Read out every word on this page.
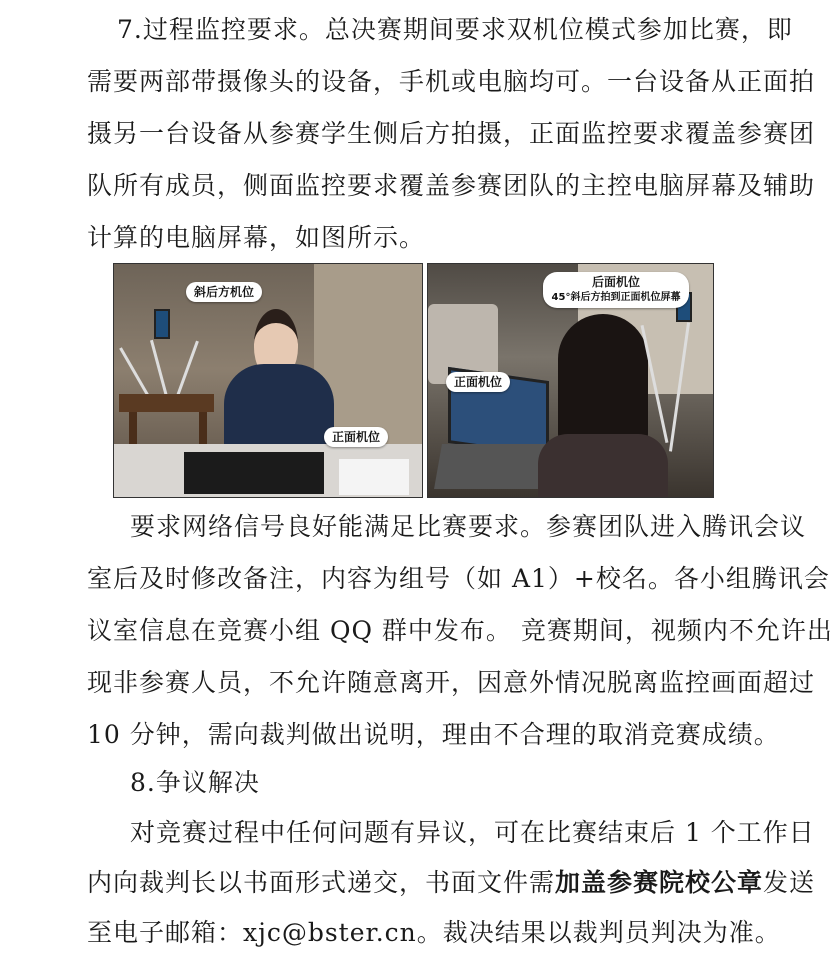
7.过程监控要求。总决赛期间要求双机位模式参加比赛，即
需要两部带摄像头的设备，手机或电脑均可。一台设备从正面拍
摄另一台设备从参赛学生侧后方拍摄，正面监控要求覆盖参赛团
队所有成员，侧面监控要求覆盖参赛团队的主控电脑屏幕及辅助
计算的电脑屏幕，如图所示。
斜后方机位
正面机位
后面机位
45°斜后方拍到正面机位屏幕
正面机位
要求网络信号良好能满足比赛要求。参赛团队进入腾讯会议
室后及时修改备注，内容为组号（如 A1）+校名。各小组腾讯会
议室信息在竞赛小组 QQ 群中发布。 竞赛期间，视频内不允许出
现非参赛人员，不允许随意离开，因意外情况脱离监控画面超过
10 分钟，需向裁判做出说明，理由不合理的取消竞赛成绩。
8.争议解决
对竞赛过程中任何问题有异议，可在比赛结束后 1 个工作日
内向裁判长以书面形式递交，书面文件需加盖参赛院校公章发送
至电子邮箱：xjc@bster.cn。裁决结果以裁判员判决为准。
